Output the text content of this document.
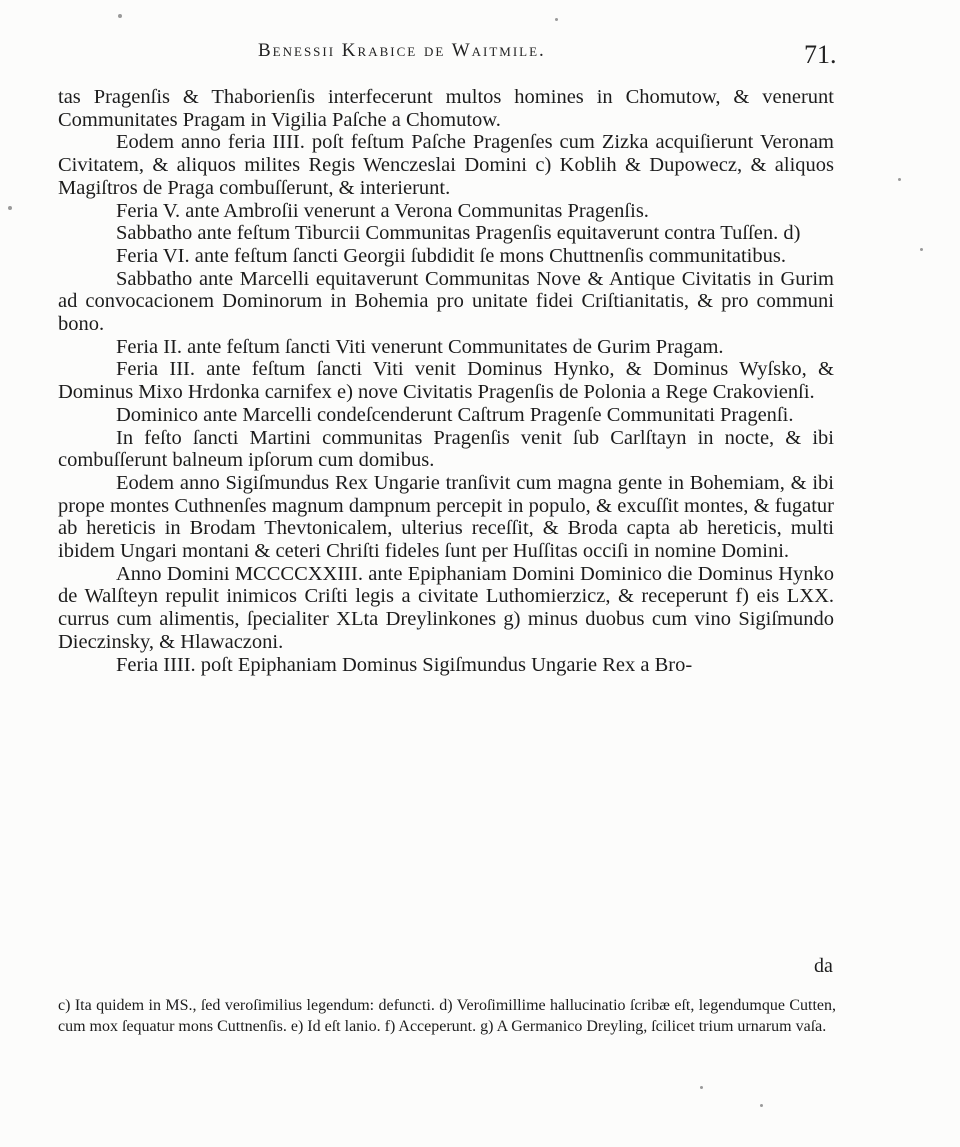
Benessii Krabice de Waitmile.	71.

tas Pragenſis & Thaborienſis interfecerunt multos homines in Chomutow, & venerunt Communitates Pragam in Vigilia Paſche a Chomutow.

Eodem anno feria IIII. poſt feſtum Paſche Pragenſes cum Zizka acquiſierunt Veronam Civitatem, & aliquos milites Regis Wenczeslai Domini c) Koblih & Dupowecz, & aliquos Magiſtros de Praga combuſſerunt, & interierunt.

Feria V. ante Ambroſii venerunt a Verona Communitas Pragenſis.

Sabbatho ante feſtum Tiburcii Communitas Pragenſis equitaverunt contra Tuſſen. d)

Feria VI. ante feſtum ſancti Georgii ſubdidit ſe mons Chuttnenſis communitatibus.

Sabbatho ante Marcelli equitaverunt Communitas Nove & Antique Civitatis in Gurim ad convocacionem Dominorum in Bohemia pro unitate fidei Criſtianitatis, & pro communi bono.

Feria II. ante feſtum ſancti Viti venerunt Communitates de Gurim Pragam.

Feria III. ante feſtum ſancti Viti venit Dominus Hynko, & Dominus Wyſsko, & Dominus Mixo Hrdonka carnifex e) nove Civitatis Pragenſis de Polonia a Rege Crakovienſi.

Dominico ante Marcelli condeſcenderunt Caſtrum Pragenſe Communitati Pragenſi.

In feſto ſancti Martini communitas Pragenſis venit ſub Carlſtayn in nocte, & ibi combuſſerunt balneum ipſorum cum domibus.

Eodem anno Sigiſmundus Rex Ungarie tranſivit cum magna gente in Bohemiam, & ibi prope montes Cuthnenſes magnum dampnum percepit in populo, & excuſſit montes, & fugatur ab hereticis in Brodam Thevtonicalem, ulterius receſſit, & Broda capta ab hereticis, multi ibidem Ungari montani & ceteri Chriſti fideles ſunt per Huſſitas occiſi in nomine Domini.

Anno Domini MCCCCXXIII. ante Epiphaniam Domini Dominico die Dominus Hynko de Walſteyn repulit inimicos Criſti legis a civitate Luthomierzicz, & receperunt f) eis LXX. currus cum alimentis, ſpecialiter XLta Dreylinkones g) minus duobus cum vino Sigiſmundo Dieczinsky, & Hlawaczoni.

Feria IIII. poſt Epiphaniam Dominus Sigiſmundus Ungarie Rex a Bro-

da

c) Ita quidem in MS., ſed veroſimilius legendum: defuncti. d) Veroſimillime hallucinatio ſcribæ eſt, legendumque Cutten, cum mox ſequatur mons Cuttnenſis. e) Id eſt lanio. f) Acceperunt. g) A Germanico Dreyling, ſcilicet trium urnarum vaſa.
